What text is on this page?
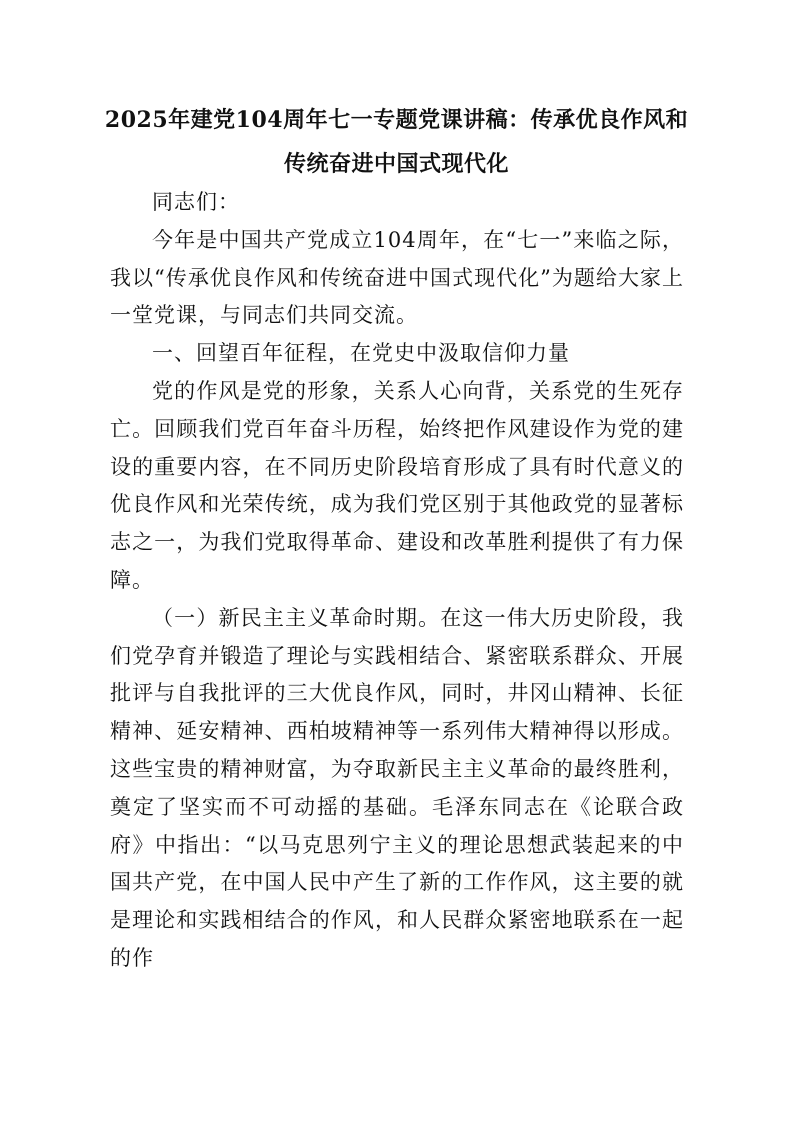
2025年建党104周年七一专题党课讲稿：传承优良作风和传统奋进中国式现代化

同志们：

今年是中国共产党成立104周年，在“七一”来临之际，我以“传承优良作风和传统奋进中国式现代化”为题给大家上一堂党课，与同志们共同交流。

一、回望百年征程，在党史中汲取信仰力量

党的作风是党的形象，关系人心向背，关系党的生死存亡。回顾我们党百年奋斗历程，始终把作风建设作为党的建设的重要内容，在不同历史阶段培育形成了具有时代意义的优良作风和光荣传统，成为我们党区别于其他政党的显著标志之一，为我们党取得革命、建设和改革胜利提供了有力保障。

（一）新民主主义革命时期。在这一伟大历史阶段，我们党孕育并锻造了理论与实践相结合、紧密联系群众、开展批评与自我批评的三大优良作风，同时，井冈山精神、长征精神、延安精神、西柏坡精神等一系列伟大精神得以形成。这些宝贵的精神财富，为夺取新民主主义革命的最终胜利，奠定了坚实而不可动摇的基础。毛泽东同志在《论联合政府》中指出：“以马克思列宁主义的理论思想武装起来的中国共产党，在中国人民中产生了新的工作作风，这主要的就是理论和实践相结合的作风，和人民群众紧密地联系在一起的作
